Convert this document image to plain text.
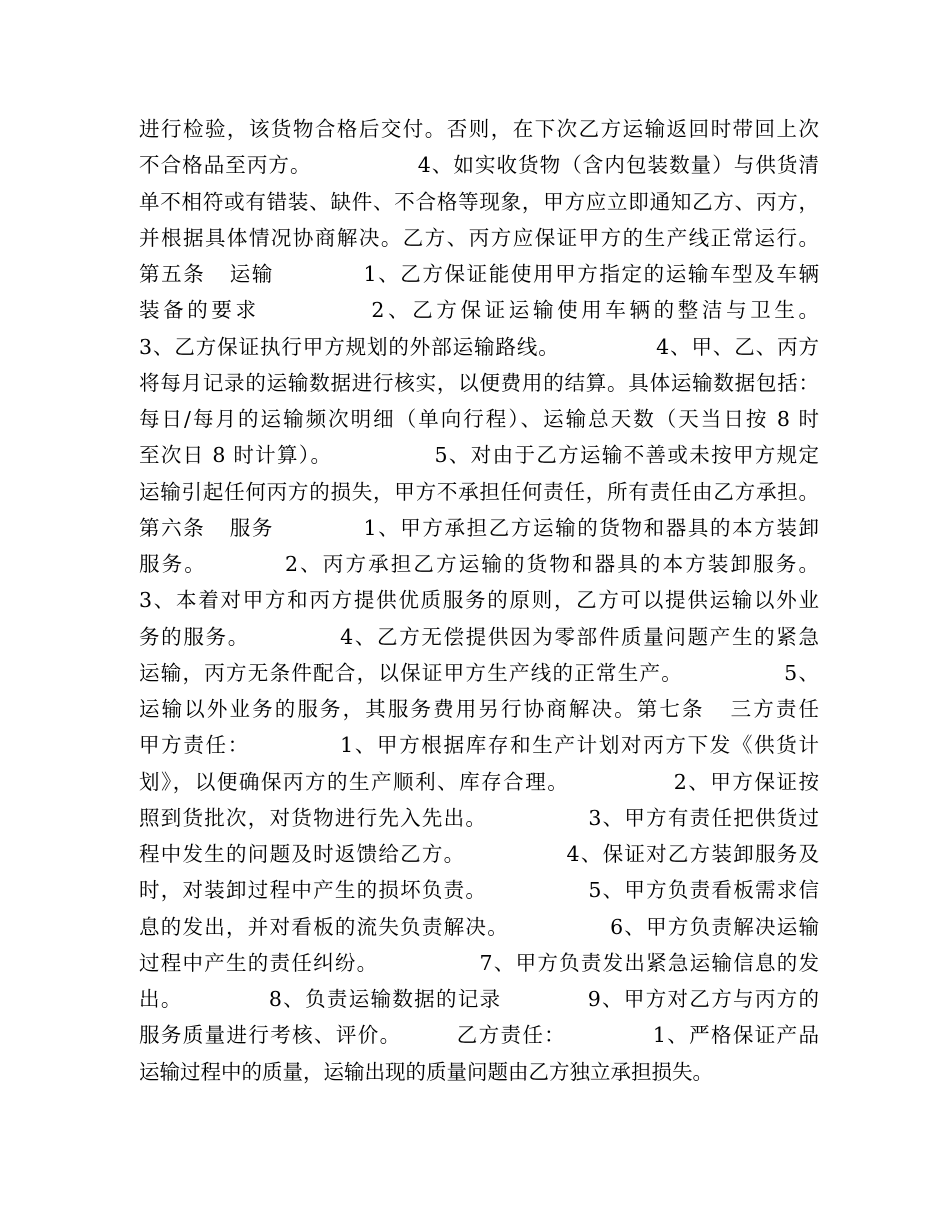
进行检验，该货物合格后交付。否则，在下次乙方运输返回时带回上次
不合格品至丙方。              4、如实收货物（含内包装数量）与供货清
单不相符或有错装、缺件、不合格等现象，甲方应立即通知乙方、丙方，
并根据具体情况协商解决。乙方、丙方应保证甲方的生产线正常运行。
第五条   运输           1、乙方保证能使用甲方指定的运输车型及车辆
装备的要求           2、乙方保证运输使用车辆的整洁与卫生。
3、乙方保证执行甲方规划的外部运输路线。             4、甲、乙、丙方
将每月记录的运输数据进行核实，以便费用的结算。具体运输数据包括：
每日/每月的运输频次明细（单向行程）、运输总天数（天当日按 8 时
至次日 8 时计算）。             5、对由于乙方运输不善或未按甲方规定
运输引起任何丙方的损失，甲方不承担任何责任，所有责任由乙方承担。
第六条   服务           1、甲方承担乙方运输的货物和器具的本方装卸
服务。         2、丙方承担乙方运输的货物和器具的本方装卸服务。
3、本着对甲方和丙方提供优质服务的原则，乙方可以提供运输以外业
务的服务。           4、乙方无偿提供因为零部件质量问题产生的紧急
运输，丙方无条件配合，以保证甲方生产线的正常生产。             5、
运输以外业务的服务，其服务费用另行协商解决。第七条   三方责任
甲方责任：           1、甲方根据库存和生产计划对丙方下发《供货计
划》，以便确保丙方的生产顺利、库存合理。             2、甲方保证按
照到货批次，对货物进行先入先出。             3、甲方有责任把供货过
程中发生的问题及时返馈给乙方。             4、保证对乙方装卸服务及
时，对装卸过程中产生的损坏负责。             5、甲方负责看板需求信
息的发出，并对看板的流失负责解决。             6、甲方负责解决运输
过程中产生的责任纠纷。             7、甲方负责发出紧急运输信息的发
出。           8、负责运输数据的记录           9、甲方对乙方与丙方的
服务质量进行考核、评价。       乙方责任：           1、严格保证产品
运输过程中的质量，运输出现的质量问题由乙方独立承担损失。
